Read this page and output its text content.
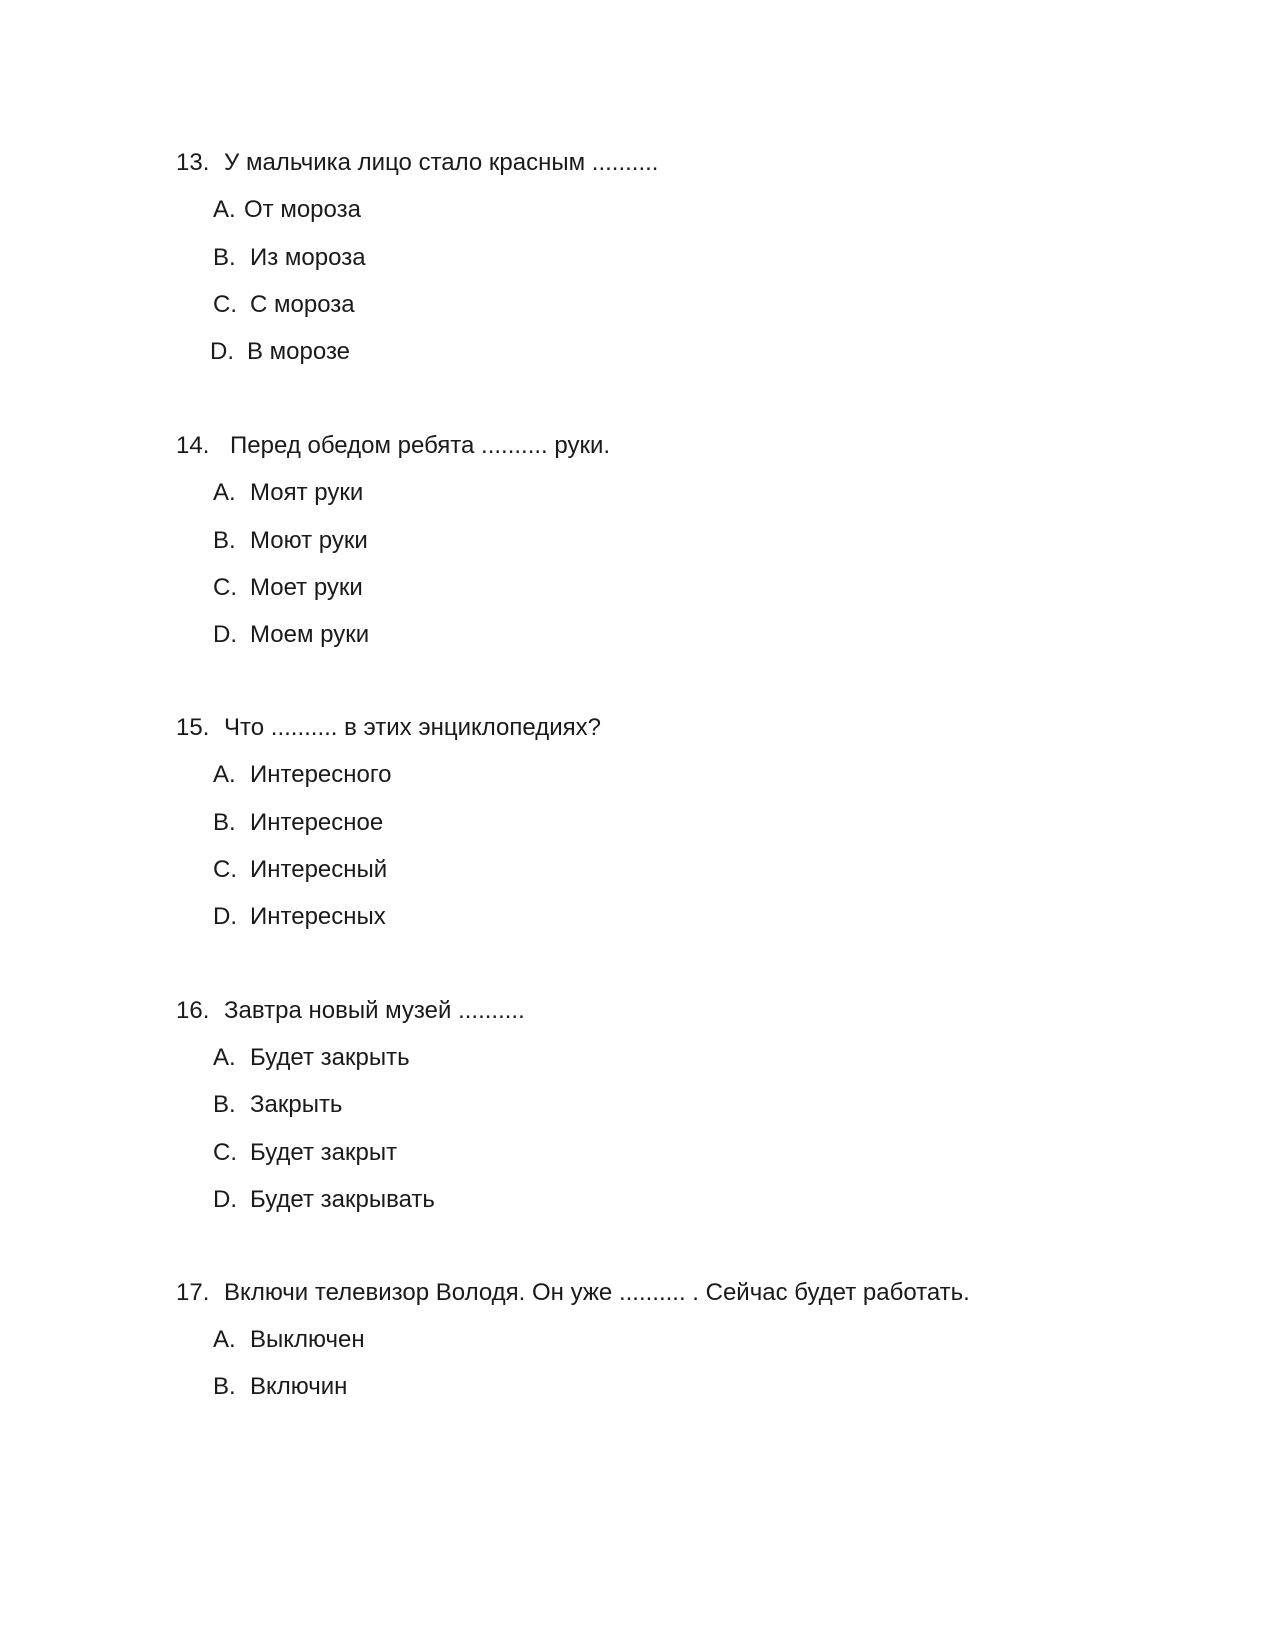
13. У мальчика лицо стало красным ..........
A. От мороза
B. Из мороза
C. С мороза
D. В морозе
14. Перед обедом ребята .......... руки.
A. Моят руки
B. Моют руки
C. Моет руки
D. Моем руки
15. Что .......... в этих энциклопедиях?
A. Интересного
B. Интересное
C. Интересный
D. Интересных
16. Завтра новый музей ..........
A. Будет закрыть
B. Закрыть
C. Будет закрыт
D. Будет закрывать
17. Включи телевизор Володя. Он уже .......... . Сейчас будет работать.
A. Выключен
B. Включин
